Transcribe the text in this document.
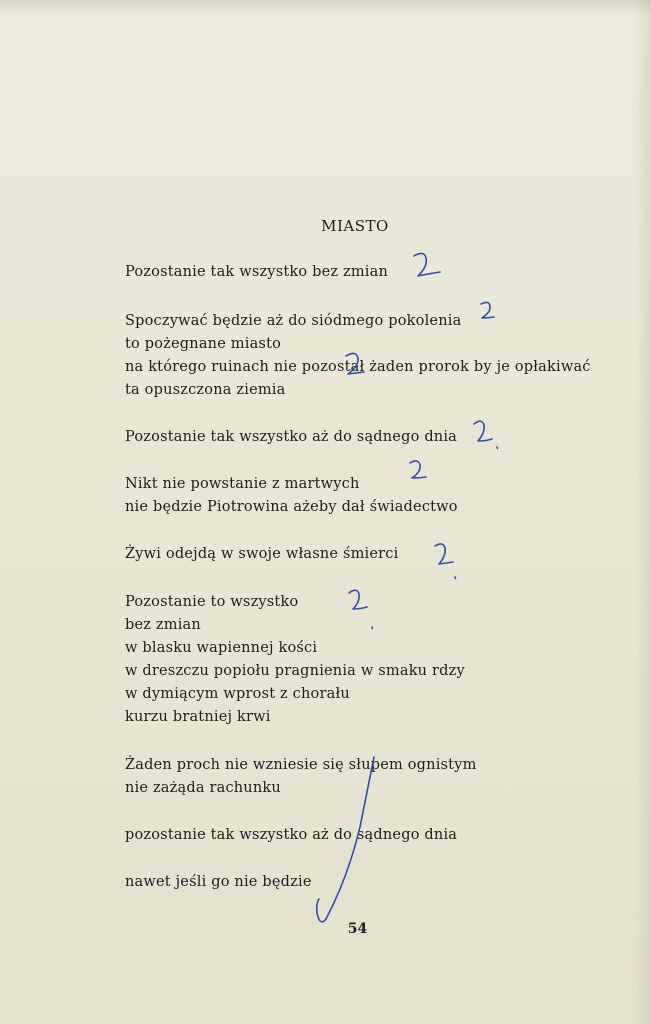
MIASTO
Pozostanie tak wszystko bez zmian
Spoczywać będzie aż do siódmego pokolenia
to pożegnane miasto
na którego ruinach nie pozostał żaden prorok by je opłakiwać
ta opuszczona ziemia
Pozostanie tak wszystko aż do sądnego dnia
Nikt nie powstanie z martwych
nie będzie Piotrowina ażeby dał świadectwo
Żywi odejdą w swoje własne śmierci
Pozostanie to wszystko
bez zmian
w blasku wapiennej kości
w dreszczu popiołu pragnienia w smaku rdzy
w dymiącym wprost z chorału
kurzu bratniej krwi
Żaden proch nie wzniesie się słupem ognistym
nie zażąda rachunku
pozostanie tak wszystko aż do sądnego dnia
nawet jeśli go nie będzie
54
